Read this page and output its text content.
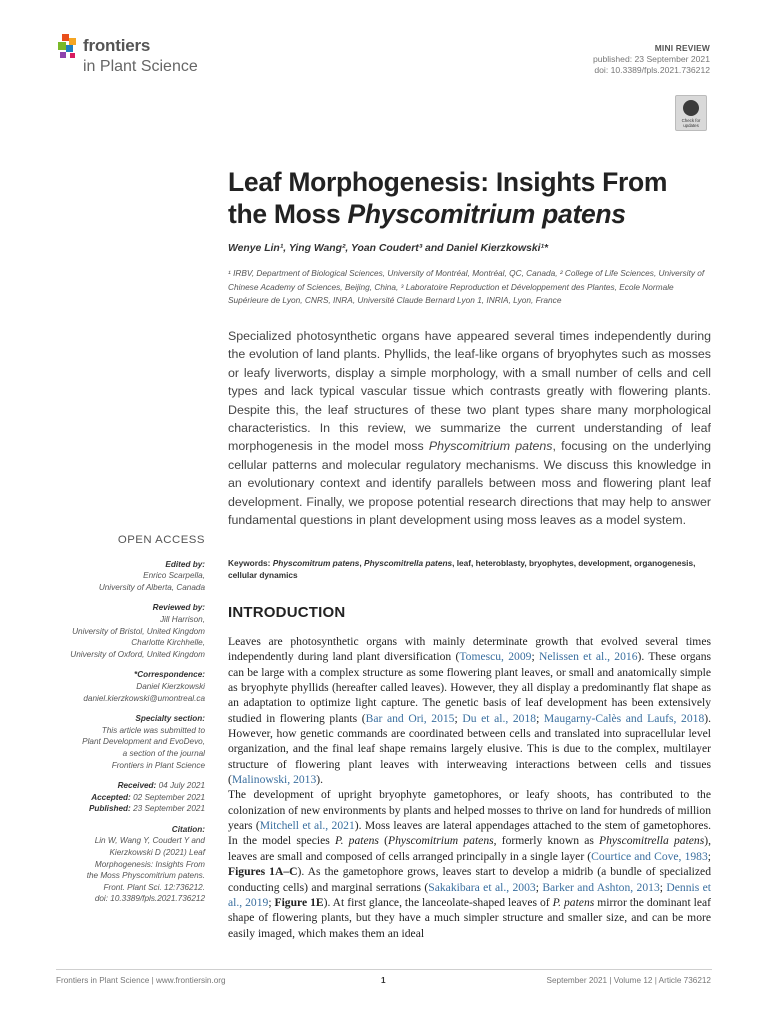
frontiers
in Plant Science
MINI REVIEW
published: 23 September 2021
doi: 10.3389/fpls.2021.736212
Check for updates
Leaf Morphogenesis: Insights From
the Moss Physcomitrium patens
Wenye Lin¹, Ying Wang², Yoan Coudert³ and Daniel Kierzkowski¹*
¹ IRBV, Department of Biological Sciences, University of Montréal, Montréal, QC, Canada, ² College of Life Sciences, University of Chinese Academy of Sciences, Beijing, China, ³ Laboratoire Reproduction et Développement des Plantes, Ecole Normale Supérieure de Lyon, CNRS, INRA, Université Claude Bernard Lyon 1, INRIA, Lyon, France
Specialized photosynthetic organs have appeared several times independently during the evolution of land plants. Phyllids, the leaf-like organs of bryophytes such as mosses or leafy liverworts, display a simple morphology, with a small number of cells and cell types and lack typical vascular tissue which contrasts greatly with flowering plants. Despite this, the leaf structures of these two plant types share many morphological characteristics. In this review, we summarize the current understanding of leaf morphogenesis in the model moss Physcomitrium patens, focusing on the underlying cellular patterns and molecular regulatory mechanisms. We discuss this knowledge in an evolutionary context and identify parallels between moss and flowering plant leaf development. Finally, we propose potential research directions that may help to answer fundamental questions in plant development using moss leaves as a model system.
Keywords: Physcomitrum patens, Physcomitrella patens, leaf, heteroblasty, bryophytes, development, organogenesis, cellular dynamics
INTRODUCTION

Leaves are photosynthetic organs with mainly determinate growth that evolved several times independently during land plant diversification (Tomescu, 2009; Nelissen et al., 2016). These organs can be large with a complex structure as some flowering plant leaves, or small and anatomically simple as bryophyte phyllids (hereafter called leaves). However, they all display a predominantly flat shape as an adaptation to optimize light capture. The genetic basis of leaf development has been extensively studied in flowering plants (Bar and Ori, 2015; Du et al., 2018; Maugarny-Calès and Laufs, 2018). However, how genetic commands are coordinated between cells and translated into supracellular level organization, and the final leaf shape remains largely elusive. This is due to the complex, multilayer structure of flowering plant leaves with interweaving interactions between cells and tissues (Malinowski, 2013).

The development of upright bryophyte gametophores, or leafy shoots, has contributed to the colonization of new environments by plants and helped mosses to thrive on land for hundreds of million years (Mitchell et al., 2021). Moss leaves are lateral appendages attached to the stem of gametophores. In the model species P. patens (Physcomitrium patens, formerly known as Physcomitrella patens), leaves are small and composed of cells arranged principally in a single layer (Courtice and Cove, 1983; Figures 1A–C). As the gametophore grows, leaves start to develop a midrib (a bundle of specialized conducting cells) and marginal serrations (Sakakibara et al., 2003; Barker and Ashton, 2013; Dennis et al., 2019; Figure 1E). At first glance, the lanceolate-shaped leaves of P. patens mirror the dominant leaf shape of flowering plants, but they have a much simpler structure and smaller size, and can be more easily imaged, which makes them an ideal

OPEN ACCESS
Edited by:
Enrico Scarpella,
University of Alberta, Canada
Reviewed by:
Jill Harrison,
University of Bristol, United Kingdom
Charlotte Kirchhelle,
University of Oxford, United Kingdom
*Correspondence:
Daniel Kierzkowski
daniel.kierzkowski@umontreal.ca
Specialty section:
This article was submitted to
Plant Development and EvoDevo,
a section of the journal
Frontiers in Plant Science
Received: 04 July 2021
Accepted: 02 September 2021
Published: 23 September 2021
Citation:
Lin W, Wang Y, Coudert Y and
Kierzkowski D (2021) Leaf
Morphogenesis: Insights From
the Moss Physcomitrium patens.
Front. Plant Sci. 12:736212.
doi: 10.3389/fpls.2021.736212
Frontiers in Plant Science | www.frontiersin.org	1	September 2021 | Volume 12 | Article 736212
